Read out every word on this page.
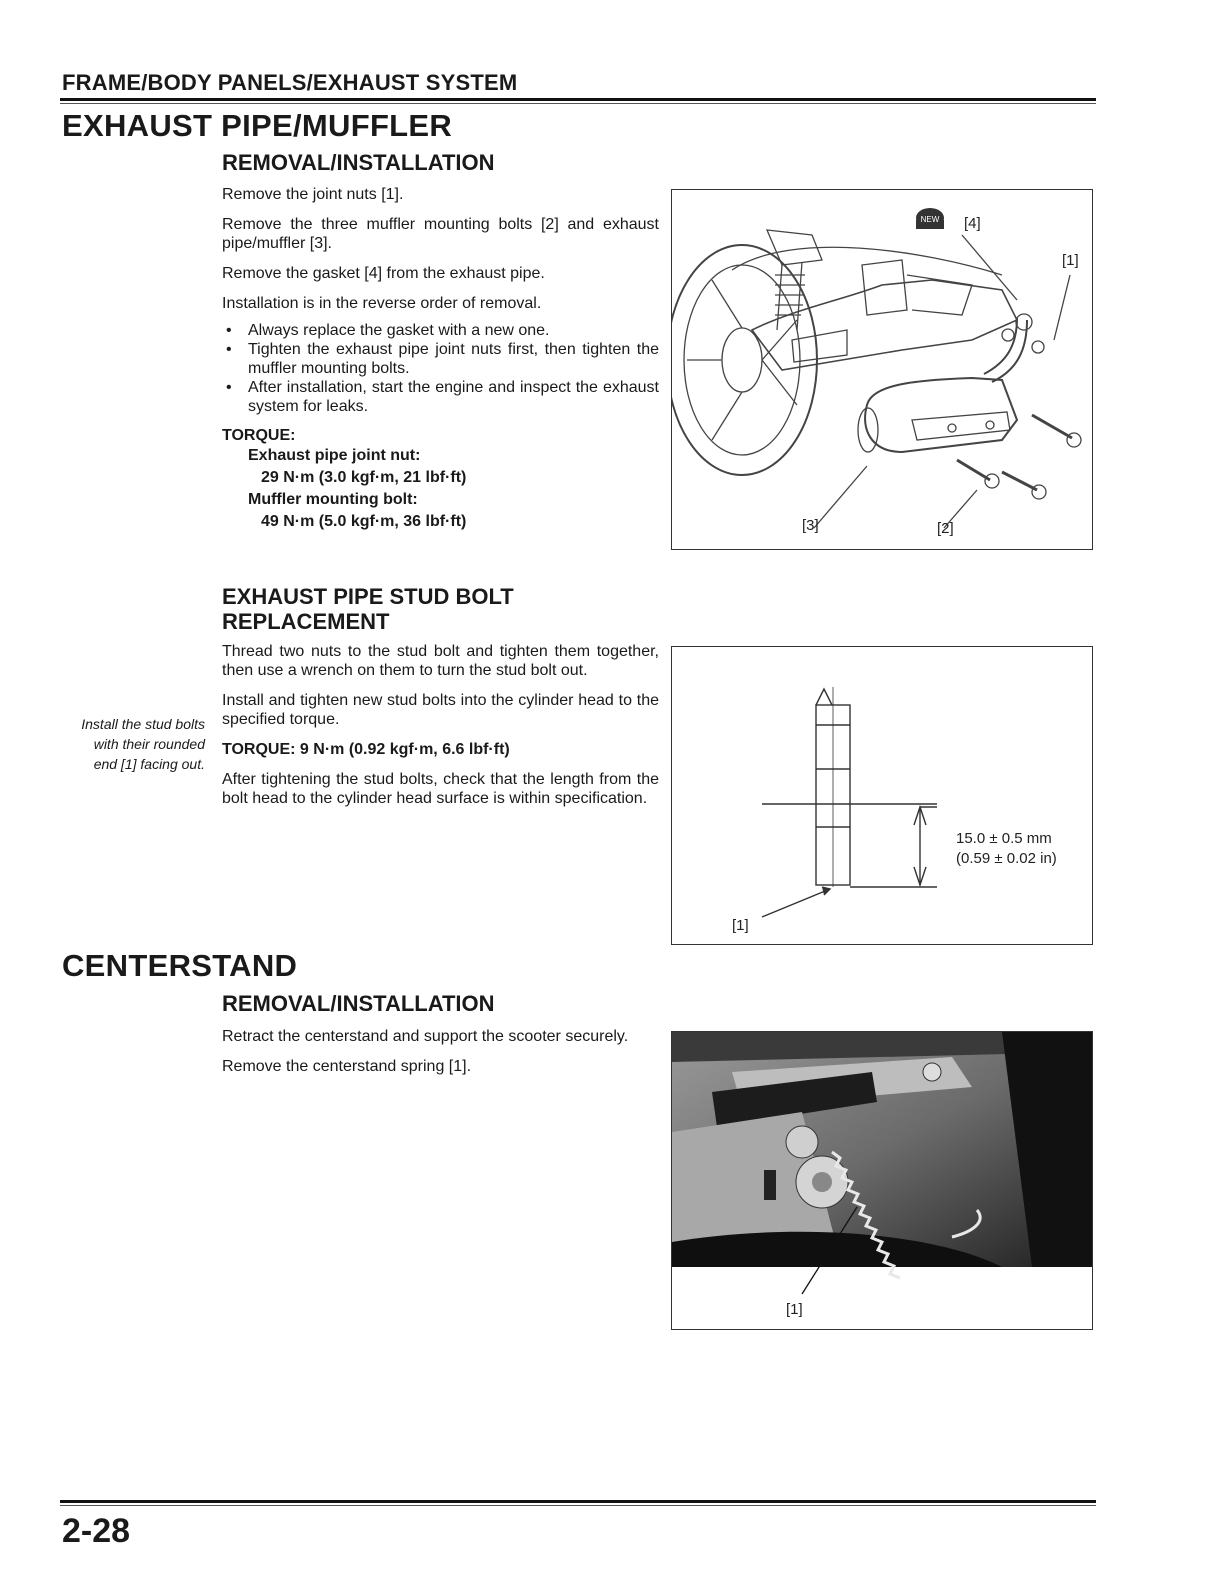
FRAME/BODY PANELS/EXHAUST SYSTEM
EXHAUST PIPE/MUFFLER
REMOVAL/INSTALLATION

Remove the joint nuts [1].

Remove the three muffler mounting bolts [2] and exhaust pipe/muffler [3].

Remove the gasket [4] from the exhaust pipe.

Installation is in the reverse order of removal.

• Always replace the gasket with a new one.
• Tighten the exhaust pipe joint nuts first, then tighten the muffler mounting bolts.
• After installation, start the engine and inspect the exhaust system for leaks.
TORQUE:
Exhaust pipe joint nut:
29 N·m (3.0 kgf·m, 21 lbf·ft)
Muffler mounting bolt:
49 N·m (5.0 kgf·m, 36 lbf·ft)
NEW [4]
[1]
[3]	[2]
EXHAUST PIPE STUD BOLT
REPLACEMENT

Thread two nuts to the stud bolt and tighten them together, then use a wrench on them to turn the stud bolt out.

Install and tighten new stud bolts into the cylinder head to the specified torque.

TORQUE: 9 N·m (0.92 kgf·m, 6.6 lbf·ft)

After tightening the stud bolts, check that the length from the bolt head to the cylinder head surface is within specification.

Install the stud bolts
with their rounded
end [1] facing out.
15.0 ± 0.5 mm
(0.59 ± 0.02 in)
[1]
CENTERSTAND
REMOVAL/INSTALLATION

Retract the centerstand and support the scooter securely.

Remove the centerstand spring [1].

[1]
2-28
